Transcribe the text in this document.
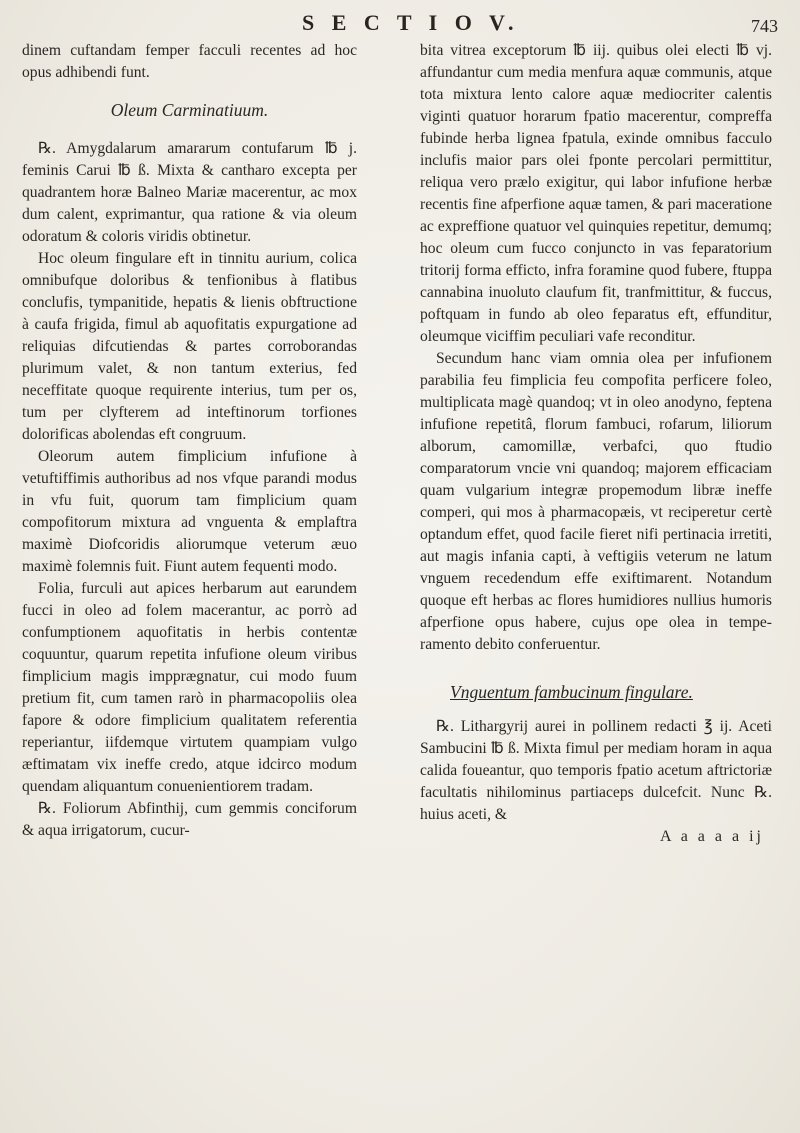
S E C T I O V.	743

dinem cuftandam femper facculi recentes ad hoc opus adhibendi funt.

Oleum Carminatiuum.

℞. Amygdalarum amararum contufarum ℔ j. feminis Carui ℔ ß. Mixta & cantharo excepta per quadrantem horæ Balneo Mariæ macerentur, ac mox dum calent, exprimantur, qua ratione & via oleum odoratum & coloris viridis obtinetur.

Hoc oleum fingulare eft in tinnitu aurium, colica omnibufque doloribus & tenfionibus à flatibus conclufis, tympanitide, hepatis & lienis obftructione à caufa frigida, fimul ab aquofitatis expurgatione ad reliquias difcutiendas & partes corroborandas plurimum valet, & non tantum exterius, fed neceffitate quoque requirente interius, tum per os, tum per clyfterem ad inteftinorum torfiones dolorificas abolendas eft congruum.

Oleorum autem fimplicium infufione à vetuftiffimis authoribus ad nos vfque parandi modus in vfu fuit, quorum tam fimplicium quam compofitorum mixtura ad vnguenta & emplaftra maximè Diofcoridis aliorumque veterum æuo maximè folemnis fuit. Fiunt autem fequenti modo.

Folia, furculi aut apices herbarum aut earundem fucci in oleo ad folem macerantur, ac porrò ad confumptionem aquofitatis in herbis contentæ coquuntur, quarum repetita infufione oleum viribus fimplicium magis impprægnatur, cui modo fuum pretium fit, cum tamen rarò in pharmacopoliis olea fapore & odore fimplicium qualitatem referentia reperiantur, iifdemque virtutem quampiam vulgo æftimatam vix ineffe credo, atque idcirco modum quendam aliquantum conuenientiorem tradam.

℞. Foliorum Abfinthij, cum gemmis conciforum & aqua irrigatorum, cucur-

bita vitrea exceptorum ℔ iij. quibus olei electi ℔ vj. affundantur cum media menfura aquæ communis, atque tota mixtura lento calore aquæ mediocriter calentis viginti quatuor horarum fpatio macerentur, compreffa fubinde herba lignea fpatula, exinde omnibus facculo inclufis maior pars olei fponte percolari permittitur, reliqua vero prælo exigitur, qui labor infufione herbæ recentis fine afperfione aquæ tamen, & pari maceratione ac expreffione quatuor vel quinquies repetitur, demumq; hoc oleum cum fucco conjuncto in vas feparatorium tritorij forma efficto, infra foramine quod fubere, ftuppa cannabina inuoluto claufum fit, tranfmittitur, & fuccus, poftquam in fundo ab oleo feparatus eft, effunditur, oleumque viciffim peculiari vafe reconditur.

Secundum hanc viam omnia olea per infufionem parabilia feu fimplicia feu compofita perficere foleo, multiplicata magè quandoq; vt in oleo anodyno, feptena infufione repetitâ, florum fambuci, rofarum, liliorum alborum, camomillæ, verbafci, quo ftudio comparatorum vncie vni quandoq; majorem efficaciam quam vulgarium integræ propemodum libræ ineffe comperi, qui mos à pharmacopæis, vt reciperetur certè optandum effet, quod facile fieret nifi pertinacia irretiti, aut magis infania capti, à veftigiis veterum ne latum vnguem recedendum effe exiftimarent. Notandum quoque eft herbas ac flores humidiores nullius humoris afperfione opus habere, cujus ope olea in tempe-ramento debito conferuentur.

Vnguentum fambucinum fingulare.

℞. Lithargyrij aurei in pollinem redacti ℥ ij. Aceti Sambucini ℔ ß. Mixta fimul per mediam horam in aqua calida foueantur, quo temporis fpatio acetum aftrictoriæ facultatis nihilominus partiaceps dulcefcit. Nunc ℞. huius aceti, &

A a a a a ij
